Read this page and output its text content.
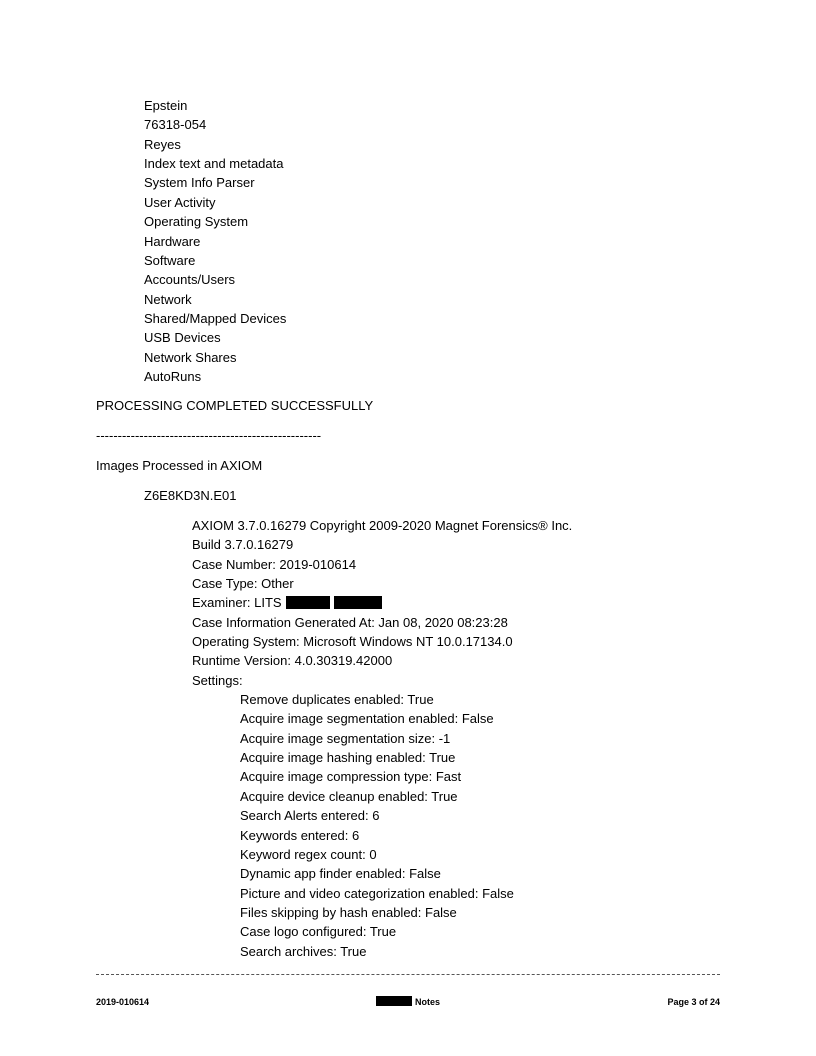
Epstein
76318-054
Reyes
Index text and metadata
System Info Parser
User Activity
Operating System
Hardware
Software
Accounts/Users
Network
Shared/Mapped Devices
USB Devices
Network Shares
AutoRuns
PROCESSING COMPLETED SUCCESSFULLY
----------------------------------------------------
Images Processed in AXIOM
Z6E8KD3N.E01
AXIOM 3.7.0.16279 Copyright 2009-2020 Magnet Forensics® Inc.
Build 3.7.0.16279
Case Number: 2019-010614
Case Type: Other
Examiner: LITS
Case Information Generated At: Jan 08, 2020 08:23:28
Operating System: Microsoft Windows NT 10.0.17134.0
Runtime Version: 4.0.30319.42000
Settings:
Remove duplicates enabled: True
Acquire image segmentation enabled: False
Acquire image segmentation size: -1
Acquire image hashing enabled: True
Acquire image compression type: Fast
Acquire device cleanup enabled: True
Search Alerts entered: 6
Keywords entered: 6
Keyword regex count: 0
Dynamic app finder enabled: False
Picture and video categorization enabled: False
Files skipping by hash enabled: False
Case logo configured: True
Search archives: True
2019-010614	Notes	Page 3 of 24
